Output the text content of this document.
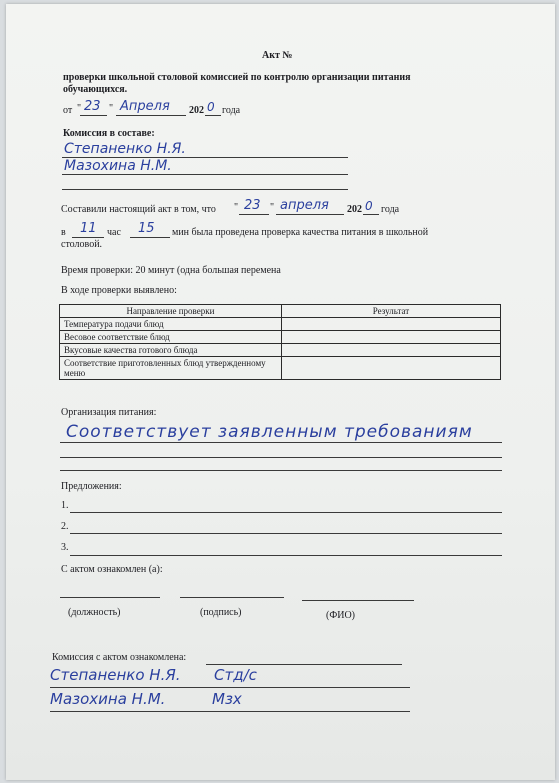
Акт №
проверки школьной столовой комиссией по контролю организации питания
обучающихся.
от " 23 " Апреля 202 0 года
Комиссия в составе:
Степаненко Н.Я.
Мазохина Н.М.
Составили настоящий акт в том, что " 23 " апреля 202 0 года
в 11 час 15 мин была проведена проверка качества питания в школьной
столовой.
Время проверки: 20 минут (одна большая перемена
В ходе проверки выявлено:
Направление проверки	Результат
Температура подачи блюд	
Весовое соответствие блюд	
Вкусовые качества готового блюда	
Соответствие приготовленных блюд утвержденному меню	
Организация питания:
Соответствует заявленным требованиям
Предложения:
1.
2.
3.
С актом ознакомлен (а):
(должность)	(подпись)	(ФИО)
Комиссия с актом ознакомлена:
Степаненко Н.Я. Стд/с
Мазохина Н.М.	Мзх
